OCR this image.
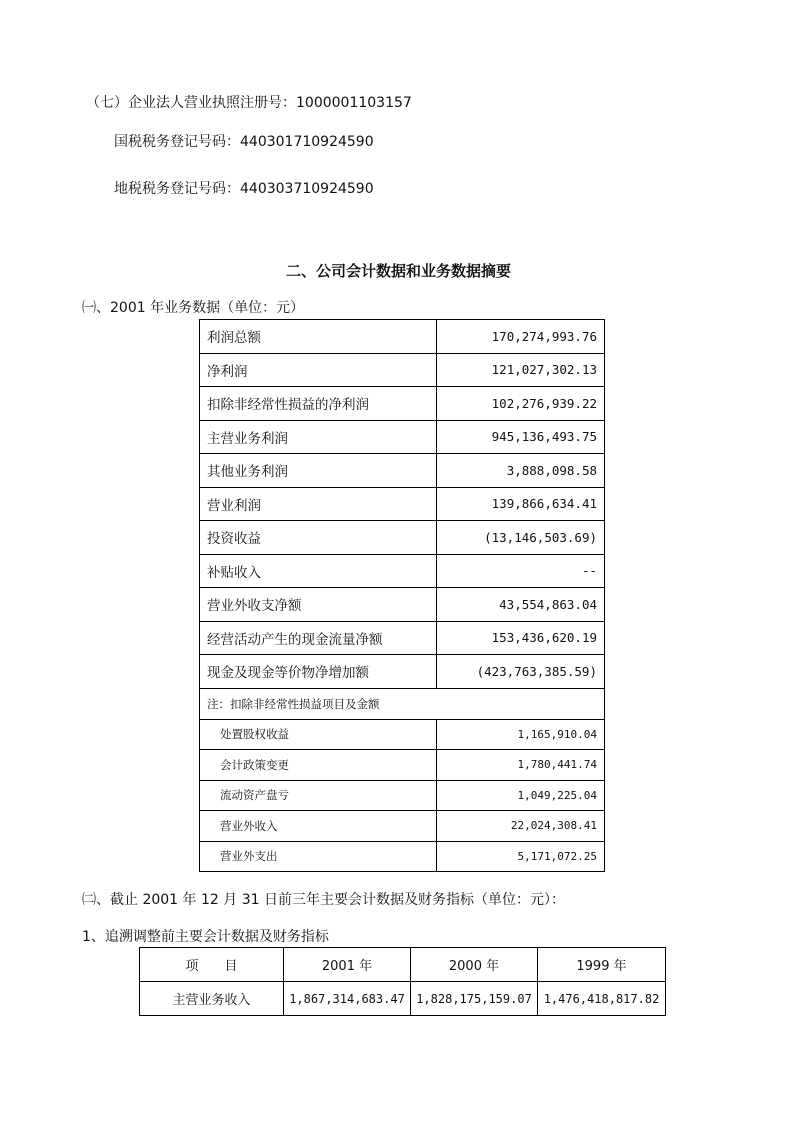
（七）企业法人营业执照注册号：1000001103157
国税税务登记号码：440301710924590
地税税务登记号码：440303710924590
二、公司会计数据和业务数据摘要
㈠、2001 年业务数据（单位：元）
利润总额	170,274,993.76
净利润	121,027,302.13
扣除非经常性损益的净利润	102,276,939.22
主营业务利润	945,136,493.75
其他业务利润	3,888,098.58
营业利润	139,866,634.41
投资收益	(13,146,503.69)
补贴收入	--
营业外收支净额	43,554,863.04
经营活动产生的现金流量净额	153,436,620.19
现金及现金等价物净增加额	(423,763,385.59)
注：扣除非经常性损益项目及金额	
处置股权收益	1,165,910.04
会计政策变更	1,780,441.74
流动资产盘亏	1,049,225.04
营业外收入	22,024,308.41
营业外支出	5,171,072.25
㈡、截止 2001 年 12 月 31 日前三年主要会计数据及财务指标（单位：元）：
1、追溯调整前主要会计数据及财务指标
项　　目	2001 年	2000 年	1999 年
主营业务收入	1,867,314,683.47	1,828,175,159.07	1,476,418,817.82
